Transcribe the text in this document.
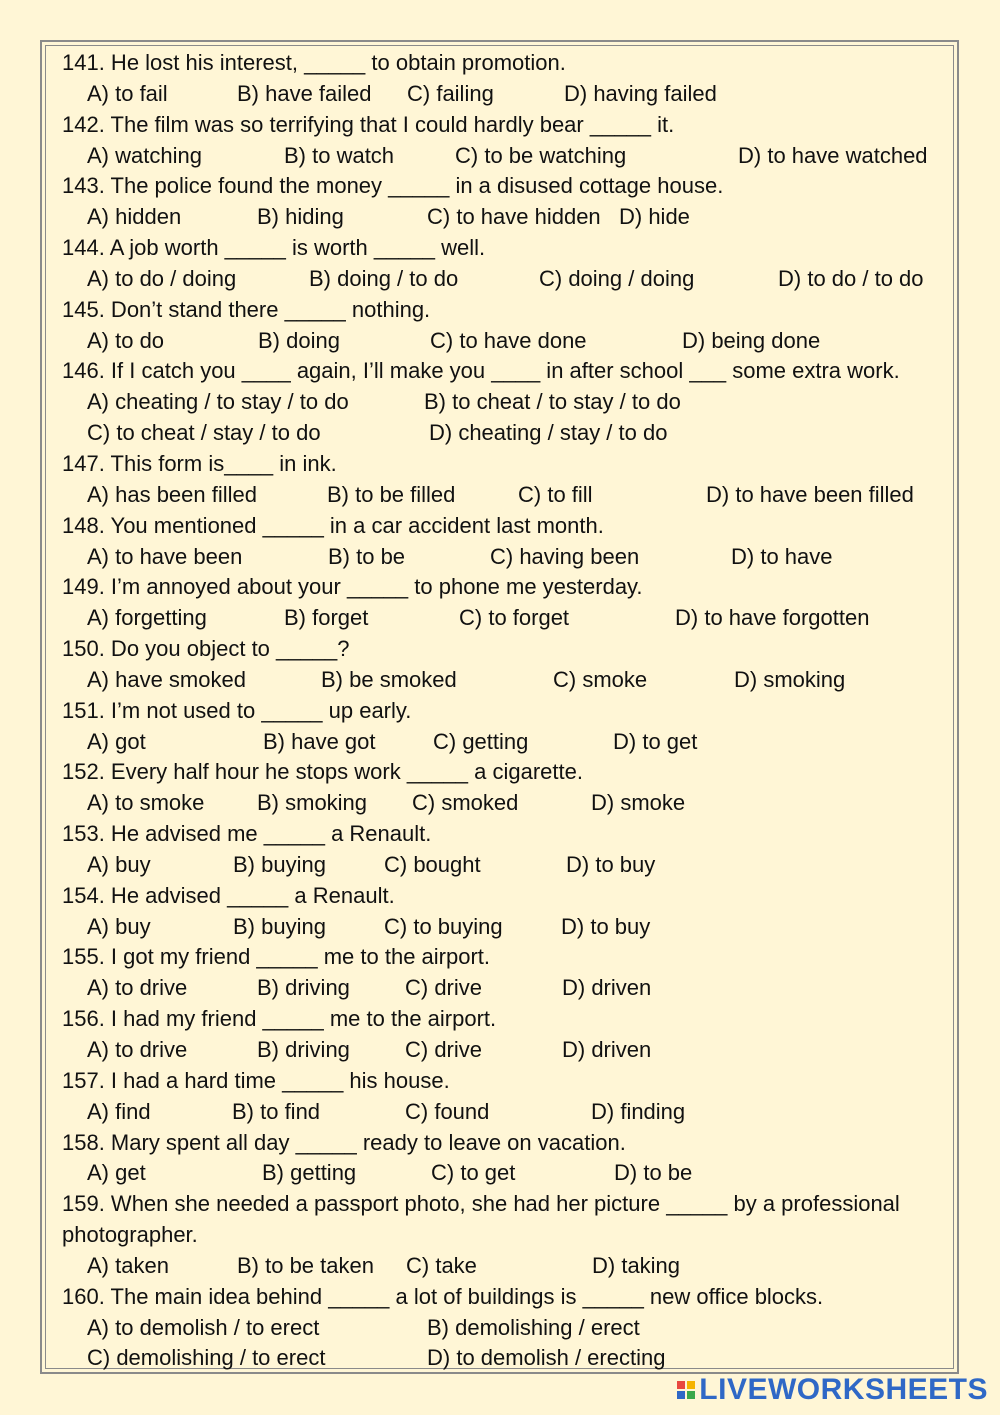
141. He lost his interest, _____ to obtain promotion.
A) to fail	B) have failed C) failing	D) having failed
142. The film was so terrifying that I could hardly bear _____ it.
A) watching	B) to watch	C) to be watching	D) to have watched
143. The police found the money _____ in a disused cottage house.
A) hidden	B) hiding	C) to have hidden D) hide
144. A job worth _____ is worth _____ well.
A) to do / doing	B) doing / to do	C) doing / doing	D) to do / to do
145. Don’t stand there _____ nothing.
A) to do	B) doing	C) to have done	D) being done
146. If I catch you ____ again, I’ll make you ____ in after school ___ some extra work.
A) cheating / to stay / to do	B) to cheat / to stay / to do
C) to cheat / stay / to do	D) cheating / stay / to do
147. This form is____ in ink.
A) has been filled	B) to be filled	C) to fill	D) to have been filled
148. You mentioned _____ in a car accident last month.
A) to have been	B) to be	C) having been	D) to have
149. I’m annoyed about your _____ to phone me yesterday.
A) forgetting	B) forget	C) to forget	D) to have forgotten
150. Do you object to _____?
A) have smoked	B) be smoked	C) smoke	D) smoking
151. I’m not used to _____ up early.
A) got	B) have got	C) getting	D) to get
152. Every half hour he stops work _____ a cigarette.
A) to smoke B) smoking C) smoked	D) smoke
153. He advised me _____ a Renault.
A) buy	B) buying	C) bought	D) to buy
154. He advised _____ a Renault.
A) buy	B) buying	C) to buying	D) to buy
155. I got my friend _____ me to the airport.
A) to drive	B) driving	C) drive	D) driven
156. I had my friend _____ me to the airport.
A) to drive	B) driving	C) drive	D) driven
157. I had a hard time _____ his house.
A) find	B) to find	C) found	D) finding
158. Mary spent all day _____ ready to leave on vacation.
A) get	B) getting	C) to get	D) to be
159. When she needed a passport photo, she had her picture _____ by a professional
photographer.
A) taken	B) to be taken C) take	D) taking
160. The main idea behind _____ a lot of buildings is _____ new office blocks.
A) to demolish / to erect	B) demolishing / erect
C) demolishing / to erect	D) to demolish / erecting
LIVEWORKSHEETS
